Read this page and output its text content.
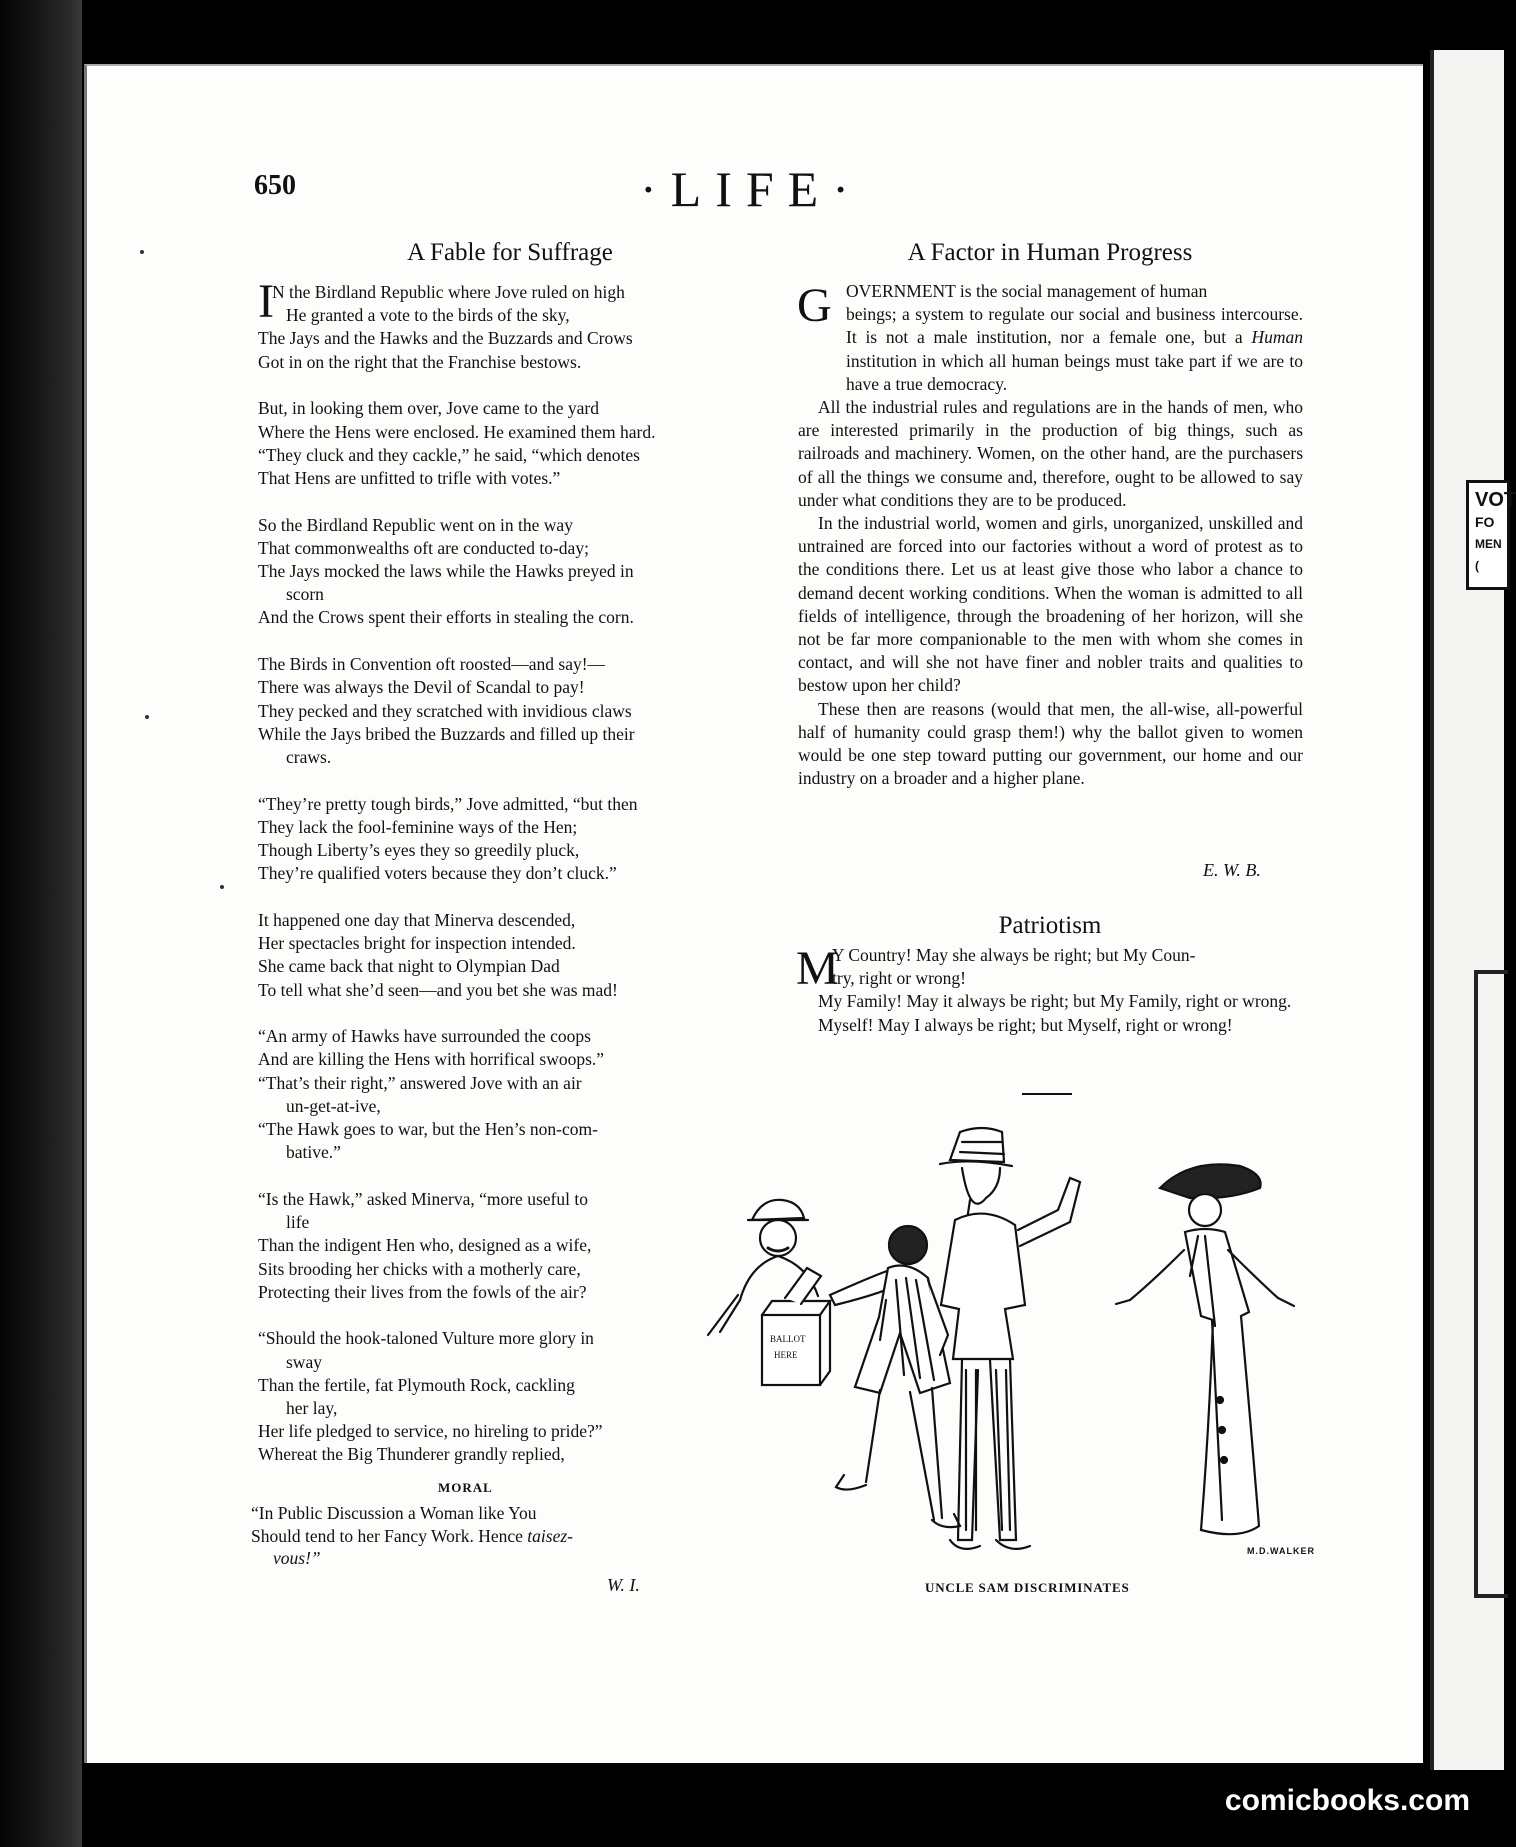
VOT
FO
MEN (
650	·LIFE·
A Fable for Suffrage
I
N the Birdland Republic where Jove ruled on high
He granted a vote to the birds of the sky,
The Jays and the Hawks and the Buzzards and Crows
Got in on the right that the Franchise bestows.
But, in looking them over, Jove came to the yard
Where the Hens were enclosed. He examined them hard.
“They cluck and they cackle,” he said, “which denotes
That Hens are unfitted to trifle with votes.”
So the Birdland Republic went on in the way
That commonwealths oft are conducted to-day;
The Jays mocked the laws while the Hawks preyed in
scorn
And the Crows spent their efforts in stealing the corn.
The Birds in Convention oft roosted—and say!—
There was always the Devil of Scandal to pay!
They pecked and they scratched with invidious claws
While the Jays bribed the Buzzards and filled up their
craws.
“They’re pretty tough birds,” Jove admitted, “but then
They lack the fool-feminine ways of the Hen;
Though Liberty’s eyes they so greedily pluck,
They’re qualified voters because they don’t cluck.”
It happened one day that Minerva descended,
Her spectacles bright for inspection intended.
She came back that night to Olympian Dad
To tell what she’d seen—and you bet she was mad!
“An army of Hawks have surrounded the coops
And are killing the Hens with horrifical swoops.”
“That’s their right,” answered Jove with an air
un-get-at-ive,
“The Hawk goes to war, but the Hen’s non-com-
bative.”
“Is the Hawk,” asked Minerva, “more useful to
life
Than the indigent Hen who, designed as a wife,
Sits brooding her chicks with a motherly care,
Protecting their lives from the fowls of the air?
“Should the hook-taloned Vulture more glory in
sway
Than the fertile, fat Plymouth Rock, cackling
her lay,
Her life pledged to service, no hireling to pride?”
Whereat the Big Thunderer grandly replied,
MORAL
“In Public Discussion a Woman like You
Should tend to her Fancy Work. Hence taisez-
vous!”
W. I.
A Factor in Human Progress
G OVERNMENT is the social management of human

beings; a system to regulate our social and business intercourse. It is not a male institution, nor a female one, but a Human institution in which all human beings must take part if we are to have a true democracy.

All the industrial rules and regulations are in the hands of men, who are interested primarily in the production of big things, such as railroads and machinery. Women, on the other hand, are the purchasers of all the things we consume and, therefore, ought to be allowed to say under what conditions they are to be produced.

In the industrial world, women and girls, unorganized, unskilled and untrained are forced into our factories without a word of protest as to the conditions there. Let us at least give those who labor a chance to demand decent working conditions. When the woman is admitted to all fields of intelligence, through the broadening of her horizon, will she not be far more companionable to the men with whom she comes in contact, and will she not have finer and nobler traits and qualities to bestow upon her child?

These then are reasons (would that men, the all-wise, all-powerful half of humanity could grasp them!) why the ballot given to women would be one step toward putting our government, our home and our industry on a broader and a higher plane.

E. W. B.
Patriotism
M

Y Country! May she always be right; but My Coun-

try, right or wrong!

My Family! May it always be right; but My Family, right or wrong.

Myself! May I always be right; but Myself, right or wrong!

BALLOT
HERE
M.D.WALKER
UNCLE SAM DISCRIMINATES
comicbooks.com
